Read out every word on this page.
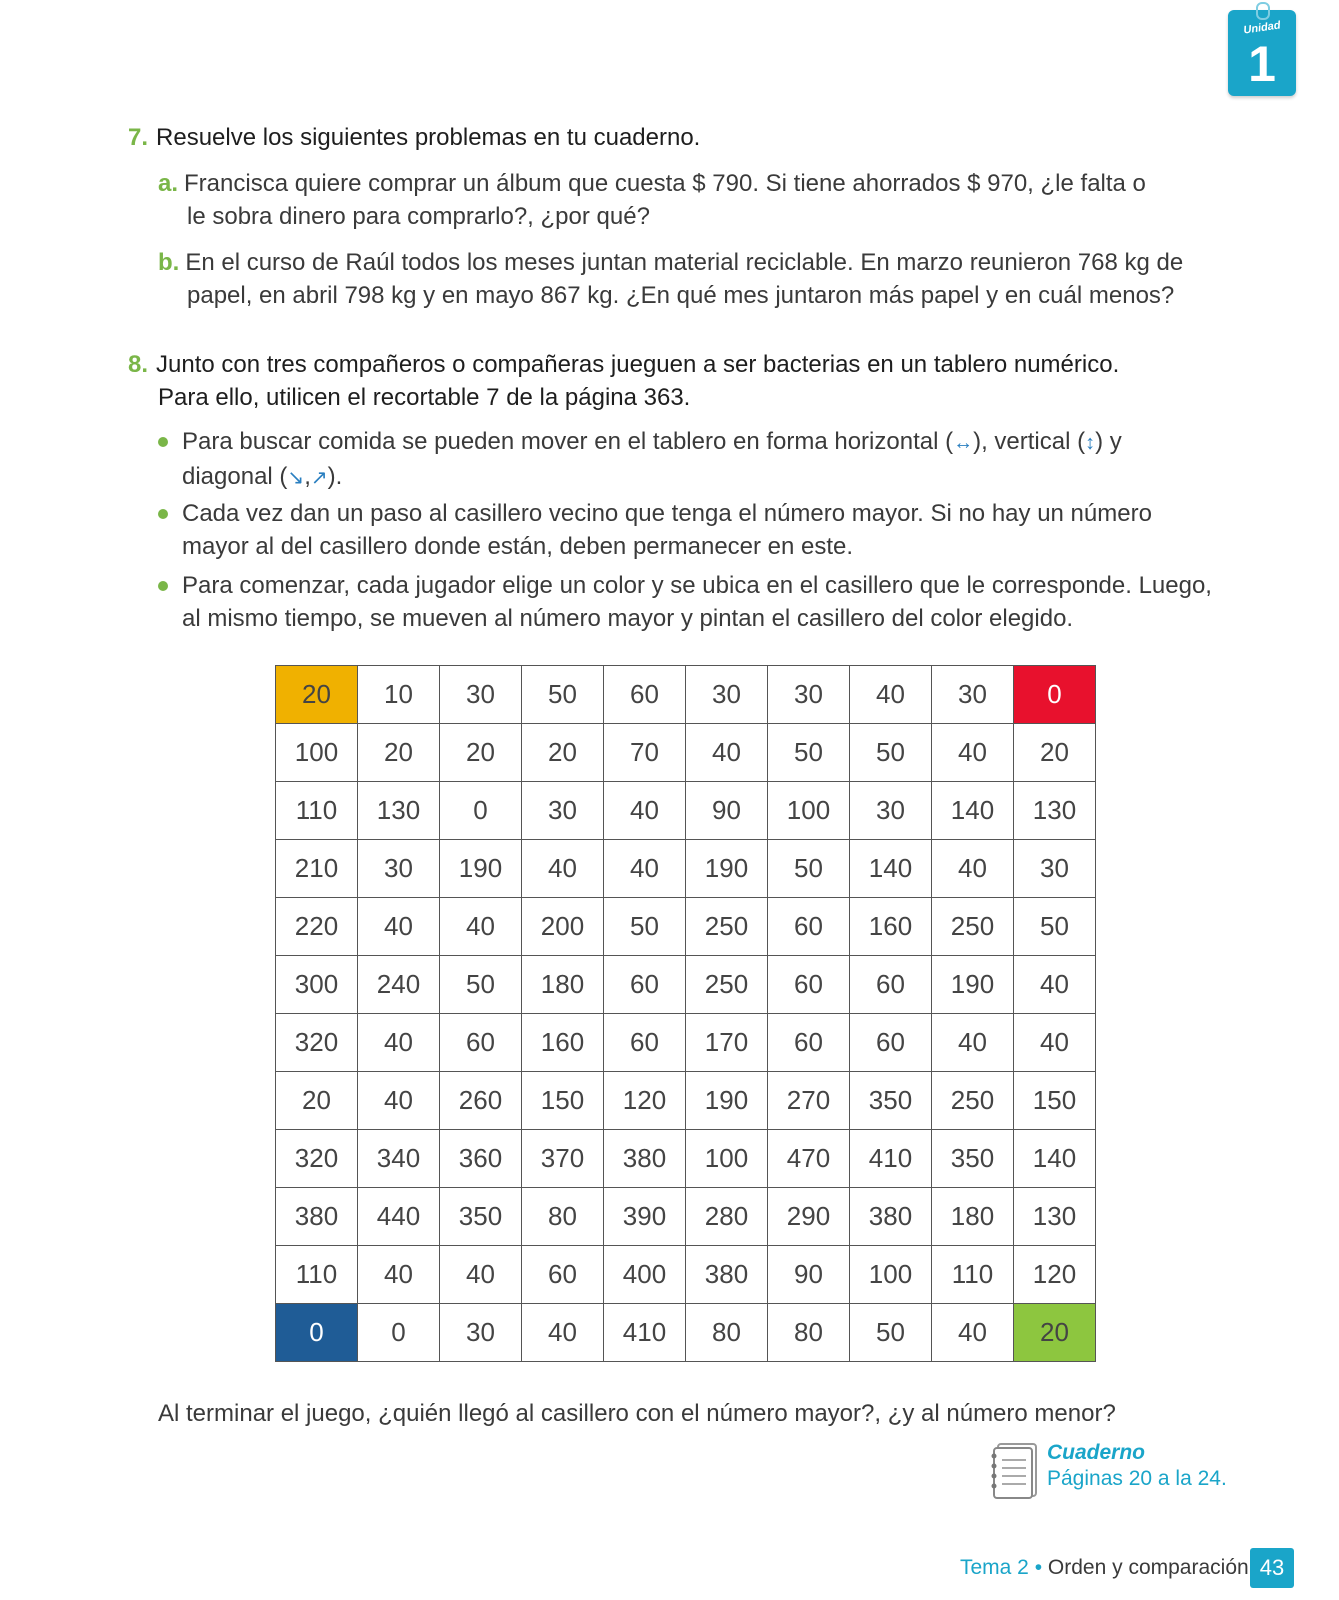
Unidad
1
7. Resuelve los siguientes problemas en tu cuaderno.
a. Francisca quiere comprar un álbum que cuesta $ 790. Si tiene ahorrados $ 970, ¿le falta o
le sobra dinero para comprarlo?, ¿por qué?
b. En el curso de Raúl todos los meses juntan material reciclable. En marzo reunieron 768 kg de
papel, en abril 798 kg y en mayo 867 kg. ¿En qué mes juntaron más papel y en cuál menos?
8. Junto con tres compañeros o compañeras jueguen a ser bacterias en un tablero numérico.
Para ello, utilicen el recortable 7 de la página 363.
Para buscar comida se pueden mover en el tablero en forma horizontal (↔), vertical (↕) y
diagonal (↘,↗).
Cada vez dan un paso al casillero vecino que tenga el número mayor. Si no hay un número
mayor al del casillero donde están, deben permanecer en este.
Para comenzar, cada jugador elige un color y se ubica en el casillero que le corresponde. Luego,
al mismo tiempo, se mueven al número mayor y pintan el casillero del color elegido.
20	10	30	50	60	30	30	40	30	0
100	20	20	20	70	40	50	50	40	20
110	130	0	30	40	90	100	30	140	130
210	30	190	40	40	190	50	140	40	30
220	40	40	200	50	250	60	160	250	50
300	240	50	180	60	250	60	60	190	40
320	40	60	160	60	170	60	60	40	40
20	40	260	150	120	190	270	350	250	150
320	340	360	370	380	100	470	410	350	140
380	440	350	80	390	280	290	380	180	130
110	40	40	60	400	380	90	100	110	120
0	0	30	40	410	80	80	50	40	20
Al terminar el juego, ¿quién llegó al casillero con el número mayor?, ¿y al número menor?
Cuaderno
Páginas 20 a la 24.
Tema 2 • Orden y comparación 43
